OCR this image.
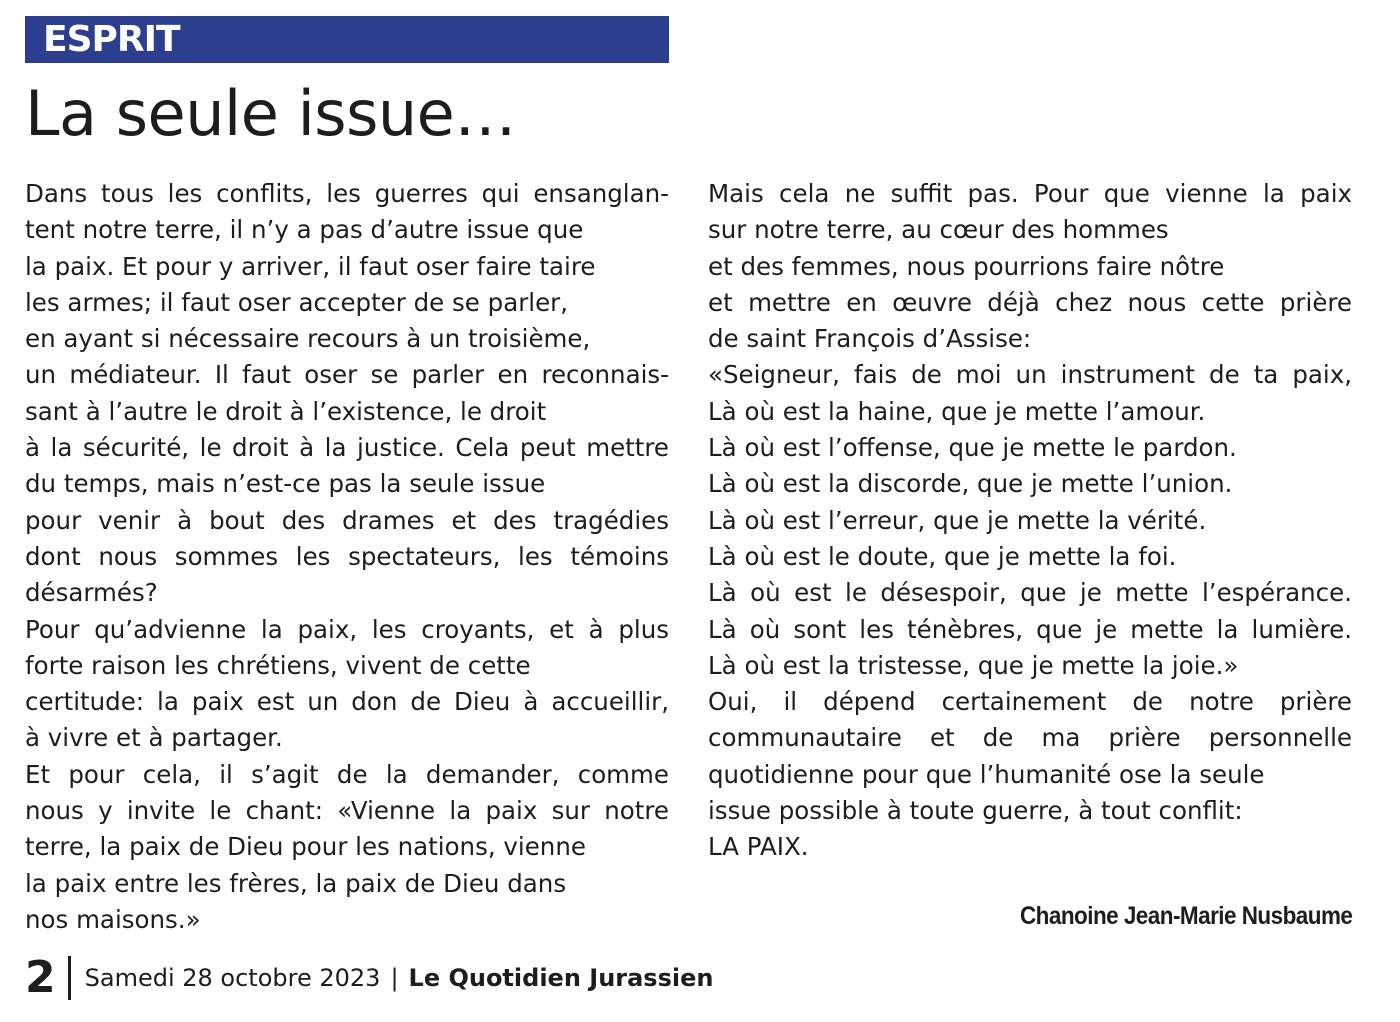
ESPRIT
La seule issue…
Dans tous les conflits, les guerres qui ensanglan-
tent notre terre, il n’y a pas d’autre issue que
la paix. Et pour y arriver, il faut oser faire taire
les armes; il faut oser accepter de se parler,
en ayant si nécessaire recours à un troisième,
un médiateur. Il faut oser se parler en reconnais-
sant à l’autre le droit à l’existence, le droit
à la sécurité, le droit à la justice. Cela peut mettre
du temps, mais n’est-ce pas la seule issue
pour venir à bout des drames et des tragédies
dont nous sommes les spectateurs, les témoins
désarmés?
Pour qu’advienne la paix, les croyants, et à plus
forte raison les chrétiens, vivent de cette
certitude: la paix est un don de Dieu à accueillir,
à vivre et à partager.
Et pour cela, il s’agit de la demander, comme
nous y invite le chant: «Vienne la paix sur notre
terre, la paix de Dieu pour les nations, vienne
la paix entre les frères, la paix de Dieu dans
nos maisons.»
Mais cela ne suffit pas. Pour que vienne la paix
sur notre terre, au cœur des hommes
et des femmes, nous pourrions faire nôtre
et mettre en œuvre déjà chez nous cette prière
de saint François d’Assise:
«Seigneur, fais de moi un instrument de ta paix,
Là où est la haine, que je mette l’amour.
Là où est l’offense, que je mette le pardon.
Là où est la discorde, que je mette l’union.
Là où est l’erreur, que je mette la vérité.
Là où est le doute, que je mette la foi.
Là où est le désespoir, que je mette l’espérance.
Là où sont les ténèbres, que je mette la lumière.
Là où est la tristesse, que je mette la joie.»
Oui, il dépend certainement de notre prière
communautaire et de ma prière personnelle
quotidienne pour que l’humanité ose la seule
issue possible à toute guerre, à tout conflit:
LA PAIX.
Chanoine Jean-Marie Nusbaume
2 Samedi 28 octobre 2023 | Le Quotidien Jurassien
